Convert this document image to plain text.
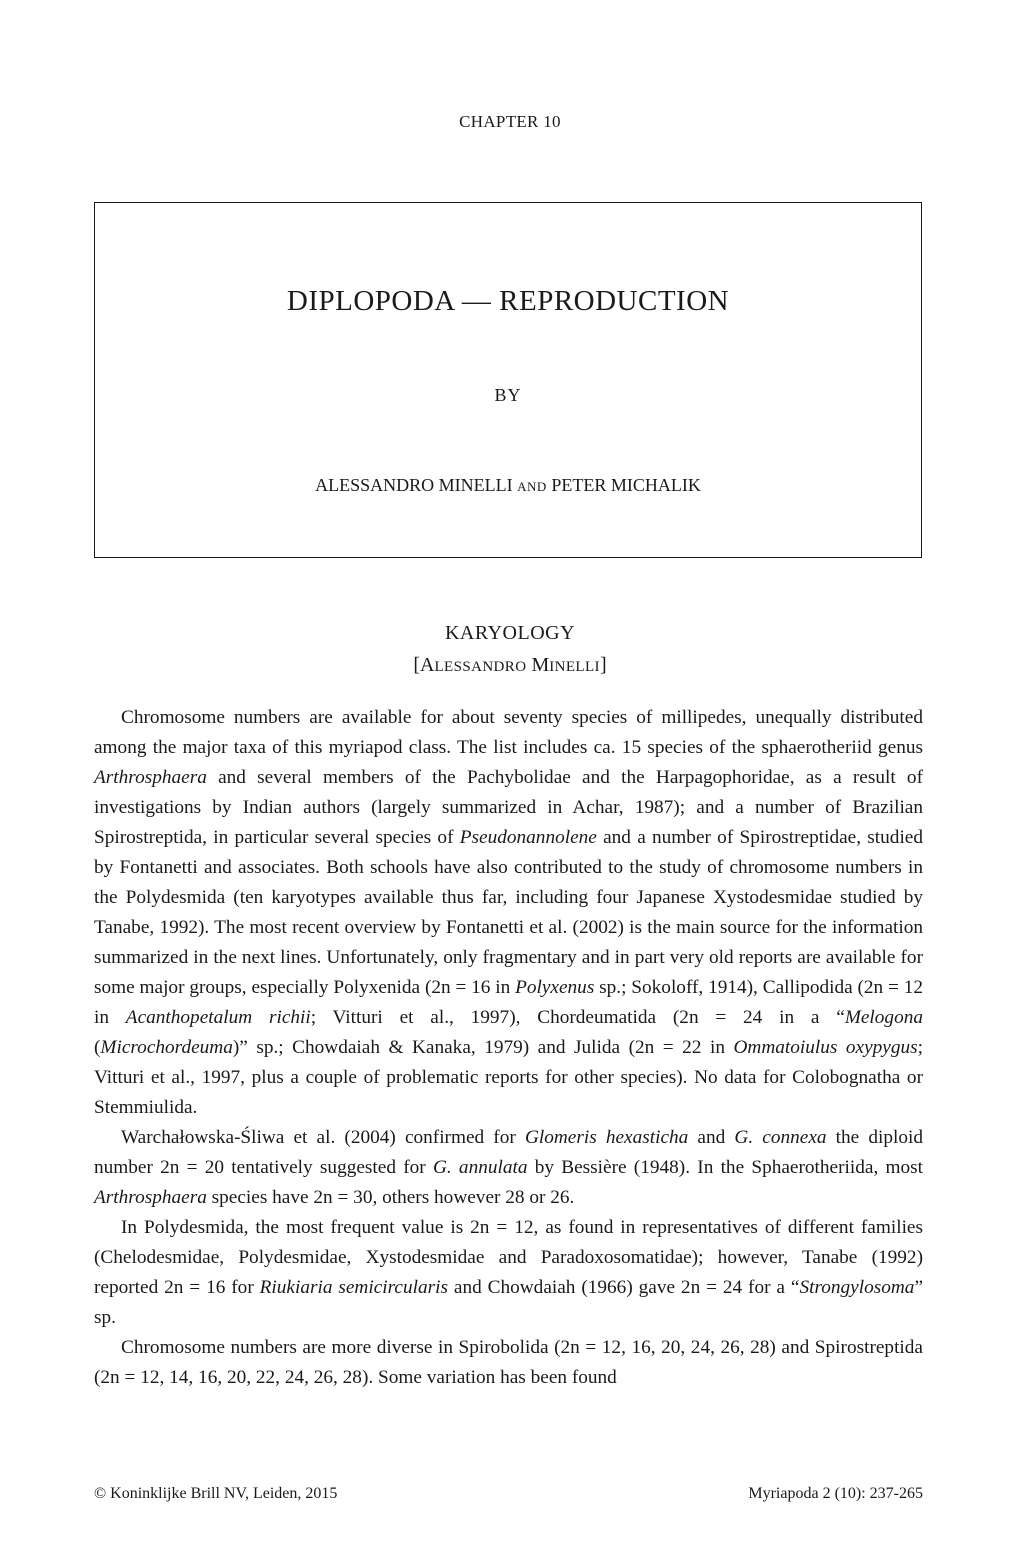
CHAPTER 10
DIPLOPODA — REPRODUCTION
BY
ALESSANDRO MINELLI AND PETER MICHALIK
KARYOLOGY
[ALESSANDRO MINELLI]

Chromosome numbers are available for about seventy species of millipedes, unequally distributed among the major taxa of this myriapod class. The list includes ca. 15 species of the sphaerotheriid genus Arthrosphaera and several members of the Pachybolidae and the Harpagophoridae, as a result of investigations by Indian authors (largely summarized in Achar, 1987); and a number of Brazilian Spirostreptida, in particular several species of Pseudonannolene and a number of Spirostreptidae, studied by Fontanetti and associates. Both schools have also contributed to the study of chromosome numbers in the Polydesmida (ten karyotypes available thus far, including four Japanese Xystodesmidae studied by Tanabe, 1992). The most recent overview by Fontanetti et al. (2002) is the main source for the information summarized in the next lines. Unfortunately, only fragmentary and in part very old reports are available for some major groups, especially Polyxenida (2n = 16 in Polyxenus sp.; Sokoloff, 1914), Callipodida (2n = 12 in Acanthopetalum richii; Vitturi et al., 1997), Chordeumatida (2n = 24 in a “Melogona (Microchordeuma)” sp.; Chowdaiah & Kanaka, 1979) and Julida (2n = 22 in Ommatoiulus oxypygus; Vitturi et al., 1997, plus a couple of problematic reports for other species). No data for Colobognatha or Stemmiulida.

Warchałowska-Śliwa et al. (2004) confirmed for Glomeris hexasticha and G. connexa the diploid number 2n = 20 tentatively suggested for G. annulata by Bessière (1948). In the Sphaerotheriida, most Arthrosphaera species have 2n = 30, others however 28 or 26.

In Polydesmida, the most frequent value is 2n = 12, as found in representatives of different families (Chelodesmidae, Polydesmidae, Xystodesmidae and Paradoxosomatidae); however, Tanabe (1992) reported 2n = 16 for Riukiaria semicircularis and Chowdaiah (1966) gave 2n = 24 for a “Strongylosoma” sp.

Chromosome numbers are more diverse in Spirobolida (2n = 12, 16, 20, 24, 26, 28) and Spirostreptida (2n = 12, 14, 16, 20, 22, 24, 26, 28). Some variation has been found

© Koninklijke Brill NV, Leiden, 2015	Myriapoda 2 (10): 237-265
